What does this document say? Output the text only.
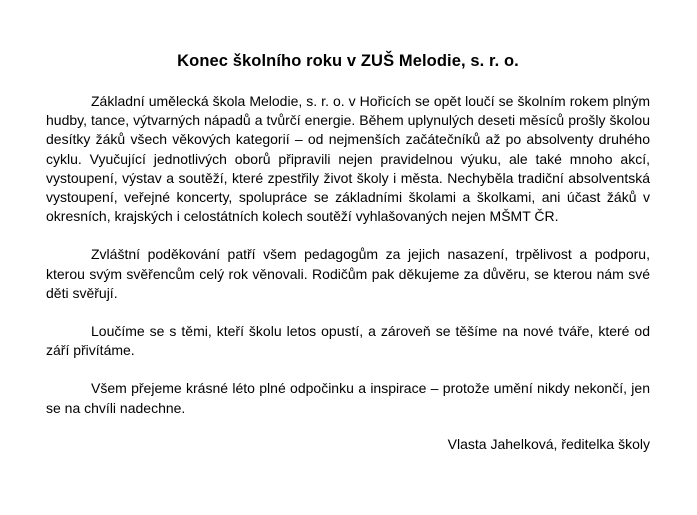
Konec školního roku v ZUŠ Melodie, s. r. o.

Základní umělecká škola Melodie, s. r. o. v Hořicích se opět loučí se školním rokem plným hudby, tance, výtvarných nápadů a tvůrčí energie. Během uplynulých deseti měsíců prošly školou desítky žáků všech věkových kategorií – od nejmenších začátečníků až po absolventy druhého cyklu. Vyučující jednotlivých oborů připravili nejen pravidelnou výuku, ale také mnoho akcí, vystoupení, výstav a soutěží, které zpestřily život školy i města. Nechyběla tradiční absolventská vystoupení, veřejné koncerty, spolupráce se základními školami a školkami, ani účast žáků v okresních, krajských i celostátních kolech soutěží vyhlašovaných nejen MŠMT ČR.

Zvláštní poděkování patří všem pedagogům za jejich nasazení, trpělivost a podporu, kterou svým svěřencům celý rok věnovali. Rodičům pak děkujeme za důvěru, se kterou nám své děti svěřují.

Loučíme se s těmi, kteří školu letos opustí, a zároveň se těšíme na nové tváře, které od září přivítáme.

Všem přejeme krásné léto plné odpočinku a inspirace – protože umění nikdy nekončí, jen se na chvíli nadechne.

Vlasta Jahelková, ředitelka školy
